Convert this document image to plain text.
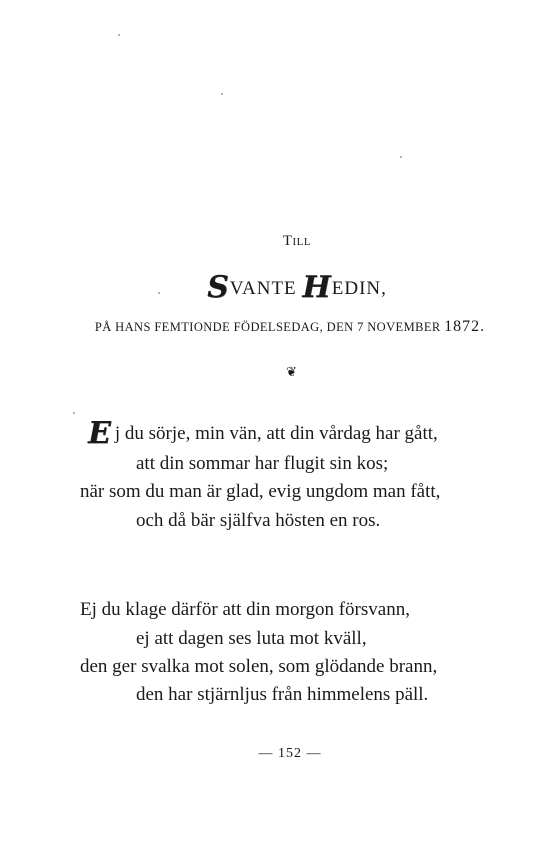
Till
SVANTE HEDIN,
PÅ HANS FEMTIONDE FÖDELSEDAG, DEN 7 NOVEMBER 1872.
❦
Ej du sörje, min vän, att din vårdag har gått,
att din sommar har flugit sin kos;
när som du man är glad, evig ungdom man fått,
och då bär själfva hösten en ros.
Ej du klage därför att din morgon försvann,
ej att dagen ses luta mot kväll,
den ger svalka mot solen, som glödande brann,
den har stjärnljus från himmelens päll.
— 152 —
